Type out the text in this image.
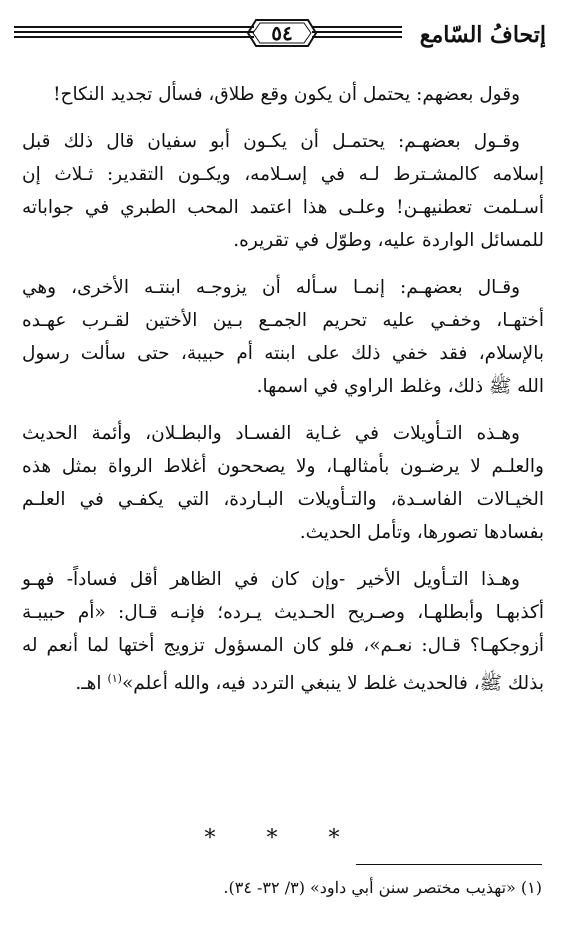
إتحافُ السّامع
٥٤

وقول بعضهم: يحتمل أن يكون وقع طلاق، فسأل تجديد النكاح!

وقـول بعضهـم: يحتمـل أن يكـون أبو سفيان قال ذلك قبل
إسلامه كالمشـترط لـه في إسـلامه، ويكـون التقدير: ثـلاث إن
أسـلمت تعطنيهـن! وعلـى هذا اعتمد المحب الطبري في جواباته
للمسائل الواردة عليه، وطوّل في تقريره.

وقـال بعضهـم: إنمـا سـأله أن يزوجـه ابنتـه الأخرى، وهي
أختهـا، وخفـي عليه تحريم الجمـع بـين الأختين لقـرب عهـده
بالإسلام، فقد خفي ذلك على ابنته أم حبيبة، حتى سألت رسول
الله ﷺ ذلك، وغلط الراوي في اسمها.

وهـذه التـأويلات في غـاية الفسـاد والبطـلان، وأئمة الحديث
والعلـم لا يرضـون بأمثالهـا، ولا يصححون أغلاط الرواة بمثل هذه
الخيـالات الفاسـدة، والتـأويلات البـاردة، التي يكفـي في العلـم
بفسادها تصورها، وتأمل الحديث.

وهـذا التـأويل الأخير -وإن كان في الظاهر أقل فساداً- فهـو
أكذبهـا وأبطلهـا، وصـريح الحـديث يـرده؛ فإنـه قـال: «أم حبيبـة
أزوجكهـا؟ قـال: نعـم»، فلو كان المسؤول تزويج أختها لما أنعم له
بذلك ﷺ، فالحديث غلط لا ينبغي التردد فيه، والله أعلم»$^{(١)}$ اهـ.

* * *
(١) «تهذيب مختصر سنن أبي داود» (٣/ ٣٢- ٣٤).
